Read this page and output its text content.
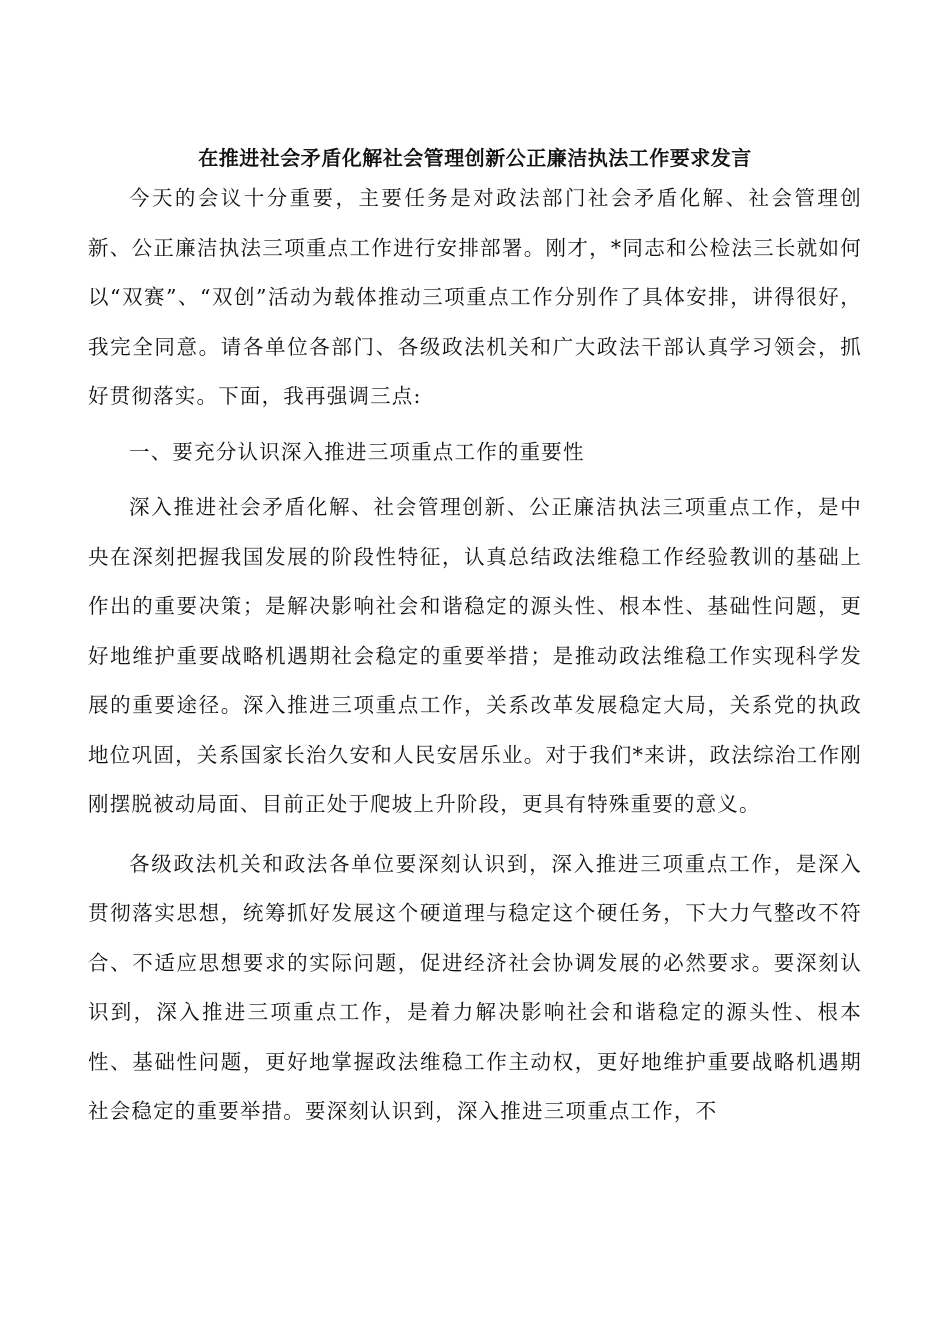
在推进社会矛盾化解社会管理创新公正廉洁执法工作要求发言

今天的会议十分重要，主要任务是对政法部门社会矛盾化解、社会管理创新、公正廉洁执法三项重点工作进行安排部署。刚才，*同志和公检法三长就如何以“双赛”、“双创”活动为载体推动三项重点工作分别作了具体安排，讲得很好，我完全同意。请各单位各部门、各级政法机关和广大政法干部认真学习领会，抓好贯彻落实。下面，我再强调三点:

一、要充分认识深入推进三项重点工作的重要性

深入推进社会矛盾化解、社会管理创新、公正廉洁执法三项重点工作，是中央在深刻把握我国发展的阶段性特征，认真总结政法维稳工作经验教训的基础上作出的重要决策；是解决影响社会和谐稳定的源头性、根本性、基础性问题，更好地维护重要战略机遇期社会稳定的重要举措；是推动政法维稳工作实现科学发展的重要途径。深入推进三项重点工作，关系改革发展稳定大局，关系党的执政地位巩固，关系国家长治久安和人民安居乐业。对于我们*来讲，政法综治工作刚刚摆脱被动局面、目前正处于爬坡上升阶段，更具有特殊重要的意义。

各级政法机关和政法各单位要深刻认识到，深入推进三项重点工作，是深入贯彻落实思想，统筹抓好发展这个硬道理与稳定这个硬任务，下大力气整改不符合、不适应思想要求的实际问题，促进经济社会协调发展的必然要求。要深刻认识到，深入推进三项重点工作，是着力解决影响社会和谐稳定的源头性、根本性、基础性问题，更好地掌握政法维稳工作主动权，更好地维护重要战略机遇期社会稳定的重要举措。要深刻认识到，深入推进三项重点工作，不
